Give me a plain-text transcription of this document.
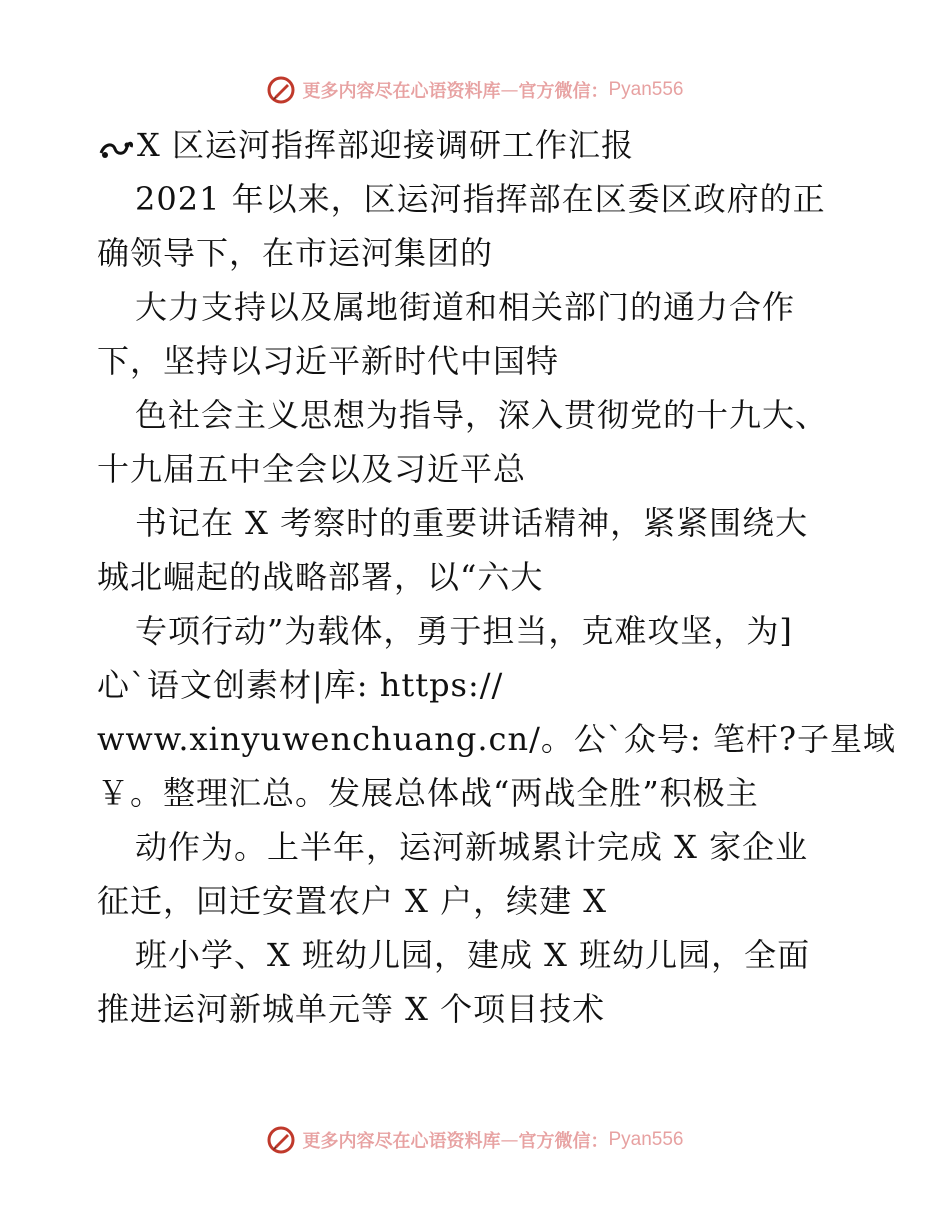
更多内容尽在心语资料库 — 官方微信： Pyan556
X 区运河指挥部迎接调研工作汇报
2021 年以来，区运河指挥部在区委区政府的正
确领导下，在市运河集团的
大力支持以及属地街道和相关部门的通力合作
下，坚持以习近平新时代中国特
色社会主义思想为指导，深入贯彻党的十九大、
十九届五中全会以及习近平总
书记在 X 考察时的重要讲话精神，紧紧围绕大
城北崛起的战略部署，以“六大
专项行动”为载体，勇于担当，克难攻坚，为]
心`语文创素材|库: https://
www.xinyuwenchuang.cn/。公`众号: 笔杆?子星域
￥。整理汇总。发展总体战“两战全胜”积极主
动作为。上半年，运河新城累计完成 X 家企业
征迁，回迁安置农户 X 户，续建 X
班小学、X 班幼儿园，建成 X 班幼儿园，全面
推进运河新城单元等 X 个项目技术
更多内容尽在心语资料库 — 官方微信： Pyan556
